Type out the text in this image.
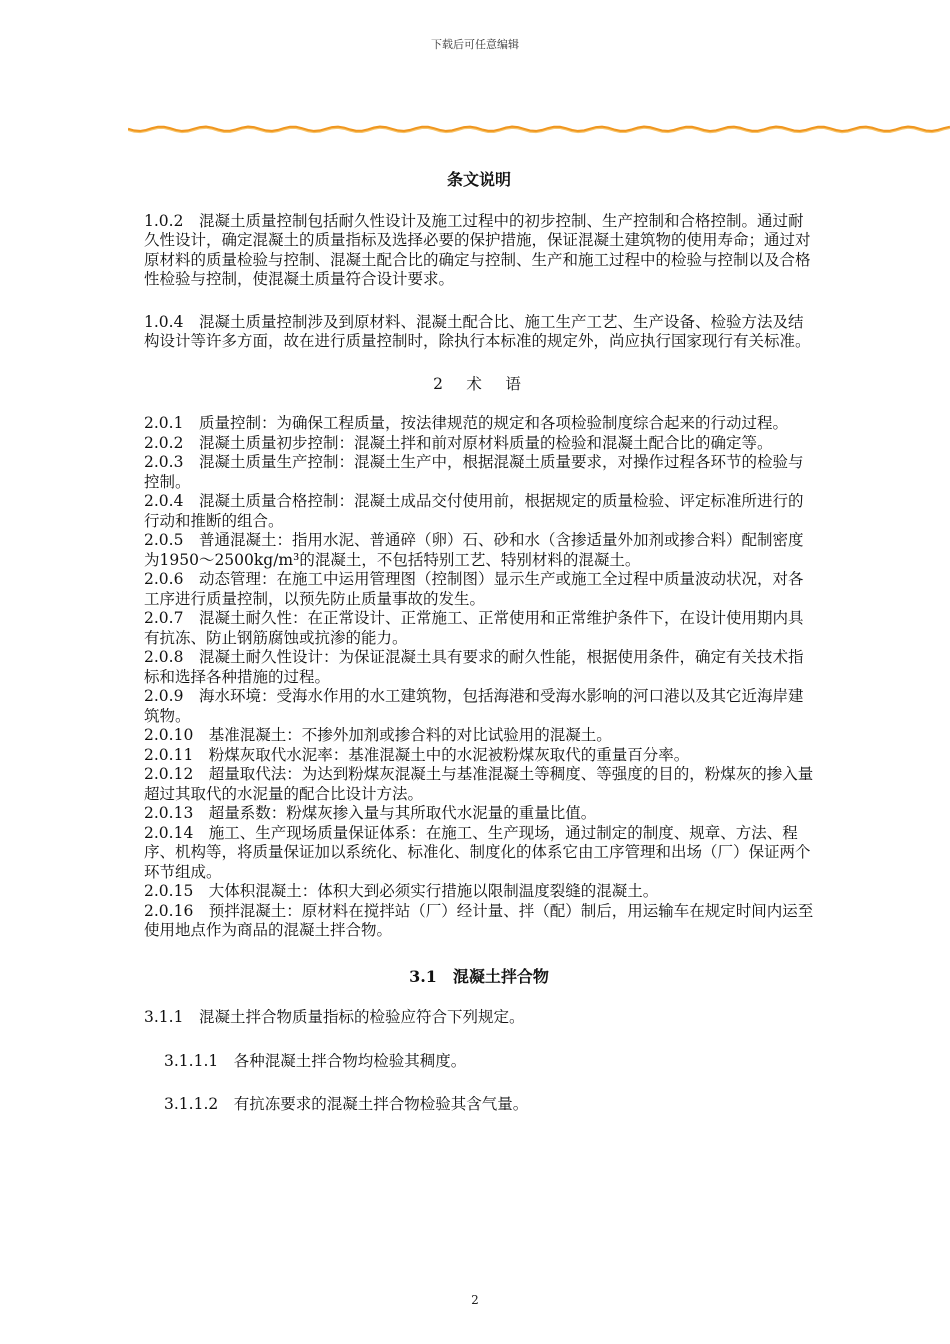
下载后可任意编辑
条文说明

1.0.2　混凝土质量控制包括耐久性设计及施工过程中的初步控制、生产控制和合格控制。通过耐久性设计，确定混凝土的质量指标及选择必要的保护措施，保证混凝土建筑物的使用寿命；通过对原材料的质量检验与控制、混凝土配合比的确定与控制、生产和施工过程中的检验与控制以及合格性检验与控制，使混凝土质量符合设计要求。

1.0.4　混凝土质量控制涉及到原材料、混凝土配合比、施工生产工艺、生产设备、检验方法及结构设计等许多方面，故在进行质量控制时，除执行本标准的规定外，尚应执行国家现行有关标准。

2　术　语

2.0.1　质量控制：为确保工程质量，按法律规范的规定和各项检验制度综合起来的行动过程。

2.0.2　混凝土质量初步控制：混凝土拌和前对原材料质量的检验和混凝土配合比的确定等。

2.0.3　混凝土质量生产控制：混凝土生产中，根据混凝土质量要求，对操作过程各环节的检验与控制。

2.0.4　混凝土质量合格控制：混凝土成品交付使用前，根据规定的质量检验、评定标准所进行的行动和推断的组合。

2.0.5　普通混凝土：指用水泥、普通碎（卵）石、砂和水（含掺适量外加剂或掺合料）配制密度为1950～2500kg/m³的混凝土，不包括特别工艺、特别材料的混凝土。

2.0.6　动态管理：在施工中运用管理图（控制图）显示生产或施工全过程中质量波动状况，对各工序进行质量控制，以预先防止质量事故的发生。

2.0.7　混凝土耐久性：在正常设计、正常施工、正常使用和正常维护条件下，在设计使用期内具有抗冻、防止钢筋腐蚀或抗渗的能力。

2.0.8　混凝土耐久性设计：为保证混凝土具有要求的耐久性能，根据使用条件，确定有关技术指标和选择各种措施的过程。

2.0.9　海水环境：受海水作用的水工建筑物，包括海港和受海水影响的河口港以及其它近海岸建筑物。

2.0.10　基准混凝土：不掺外加剂或掺合料的对比试验用的混凝土。

2.0.11　粉煤灰取代水泥率：基准混凝土中的水泥被粉煤灰取代的重量百分率。

2.0.12　超量取代法：为达到粉煤灰混凝土与基准混凝土等稠度、等强度的目的，粉煤灰的掺入量超过其取代的水泥量的配合比设计方法。

2.0.13　超量系数：粉煤灰掺入量与其所取代水泥量的重量比值。

2.0.14　施工、生产现场质量保证体系：在施工、生产现场，通过制定的制度、规章、方法、程序、机构等，将质量保证加以系统化、标准化、制度化的体系它由工序管理和出场（厂）保证两个环节组成。

2.0.15　大体积混凝土：体积大到必须实行措施以限制温度裂缝的混凝土。

2.0.16　预拌混凝土：原材料在搅拌站（厂）经计量、拌（配）制后，用运输车在规定时间内运至使用地点作为商品的混凝土拌合物。

3.1　混凝土拌合物

3.1.1　混凝土拌合物质量指标的检验应符合下列规定。

3.1.1.1　各种混凝土拌合物均检验其稠度。

3.1.1.2　有抗冻要求的混凝土拌合物检验其含气量。

2
